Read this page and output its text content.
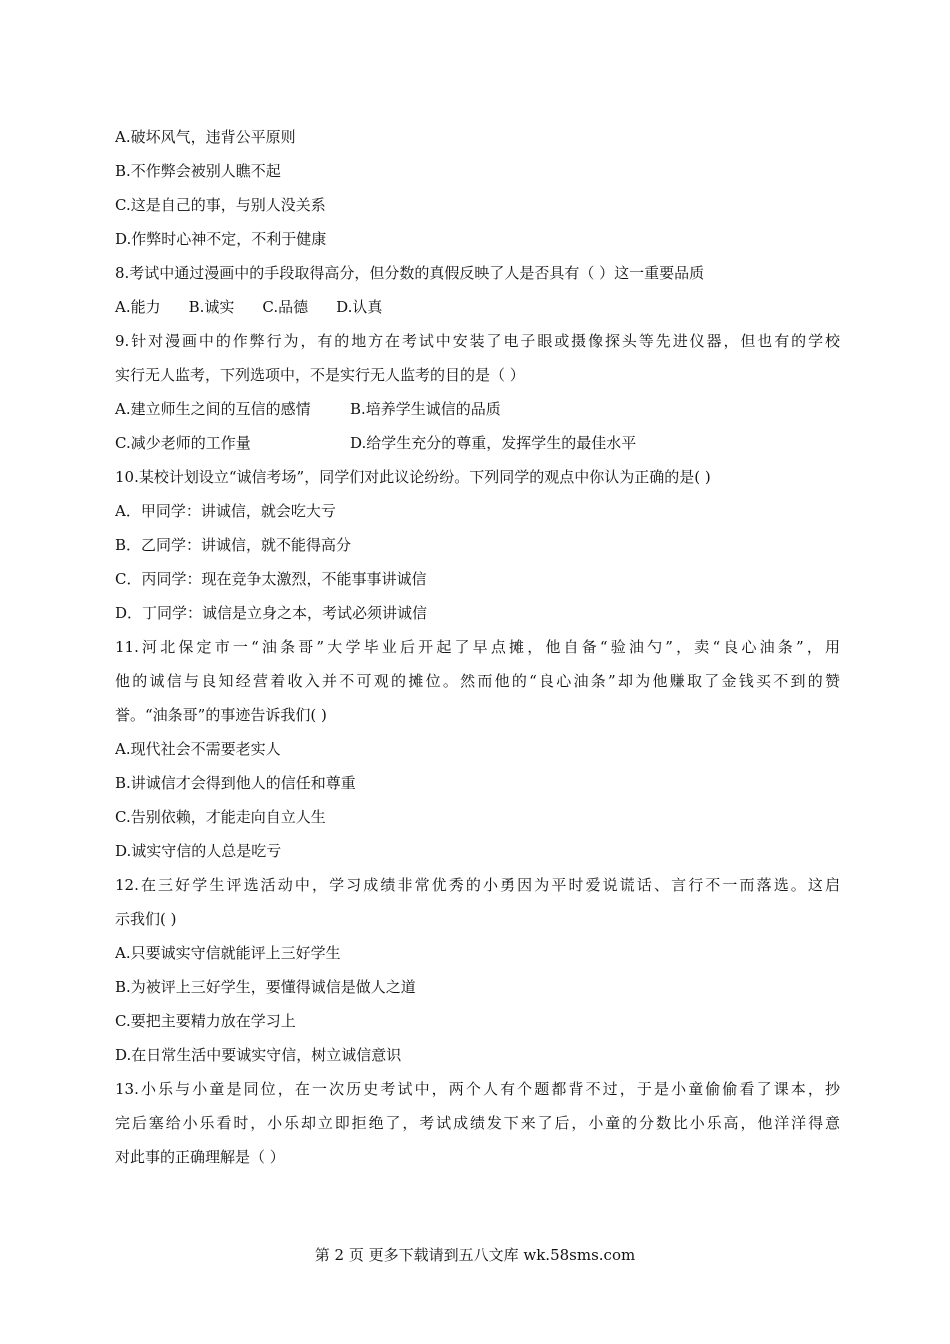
A.破坏风气，违背公平原则
B.不作弊会被别人瞧不起
C.这是自己的事，与别人没关系
D.作弊时心神不定，不利于健康
8.考试中通过漫画中的手段取得高分，但分数的真假反映了人是否具有（ ）这一重要品质
A.能力 B.诚实 C.品德 D.认真
9.针对漫画中的作弊行为，有的地方在考试中安装了电子眼或摄像探头等先进仪器，但也有的学校
实行无人监考，下列选项中，不是实行无人监考的目的是（ ）
A.建立师生之间的互信的感情	B.培养学生诚信的品质
C.减少老师的工作量	D.给学生充分的尊重，发挥学生的最佳水平
10.某校计划设立“诚信考场”，同学们对此议论纷纷。下列同学的观点中你认为正确的是( )
A．甲同学：讲诚信，就会吃大亏
B．乙同学：讲诚信，就不能得高分
C．丙同学：现在竞争太激烈，不能事事讲诚信
D．丁同学：诚信是立身之本，考试必须讲诚信
11.河北保定市一“油条哥”大学毕业后开起了早点摊，他自备“验油勺”，卖“良心油条”，用
他的诚信与良知经营着收入并不可观的摊位。然而他的“良心油条”却为他赚取了金钱买不到的赞
誉。“油条哥”的事迹告诉我们( )
A.现代社会不需要老实人
B.讲诚信才会得到他人的信任和尊重
C.告别依赖，才能走向自立人生
D.诚实守信的人总是吃亏
12.在三好学生评选活动中，学习成绩非常优秀的小勇因为平时爱说谎话、言行不一而落选。这启
示我们( )
A.只要诚实守信就能评上三好学生
B.为被评上三好学生，要懂得诚信是做人之道
C.要把主要精力放在学习上
D.在日常生活中要诚实守信，树立诚信意识
13.小乐与小童是同位，在一次历史考试中，两个人有个题都背不过，于是小童偷偷看了课本，抄
完后塞给小乐看时，小乐却立即拒绝了，考试成绩发下来了后，小童的分数比小乐高，他洋洋得意
对此事的正确理解是（ ）
第 2 页 更多下载请到五八文库 wk.58sms.com
